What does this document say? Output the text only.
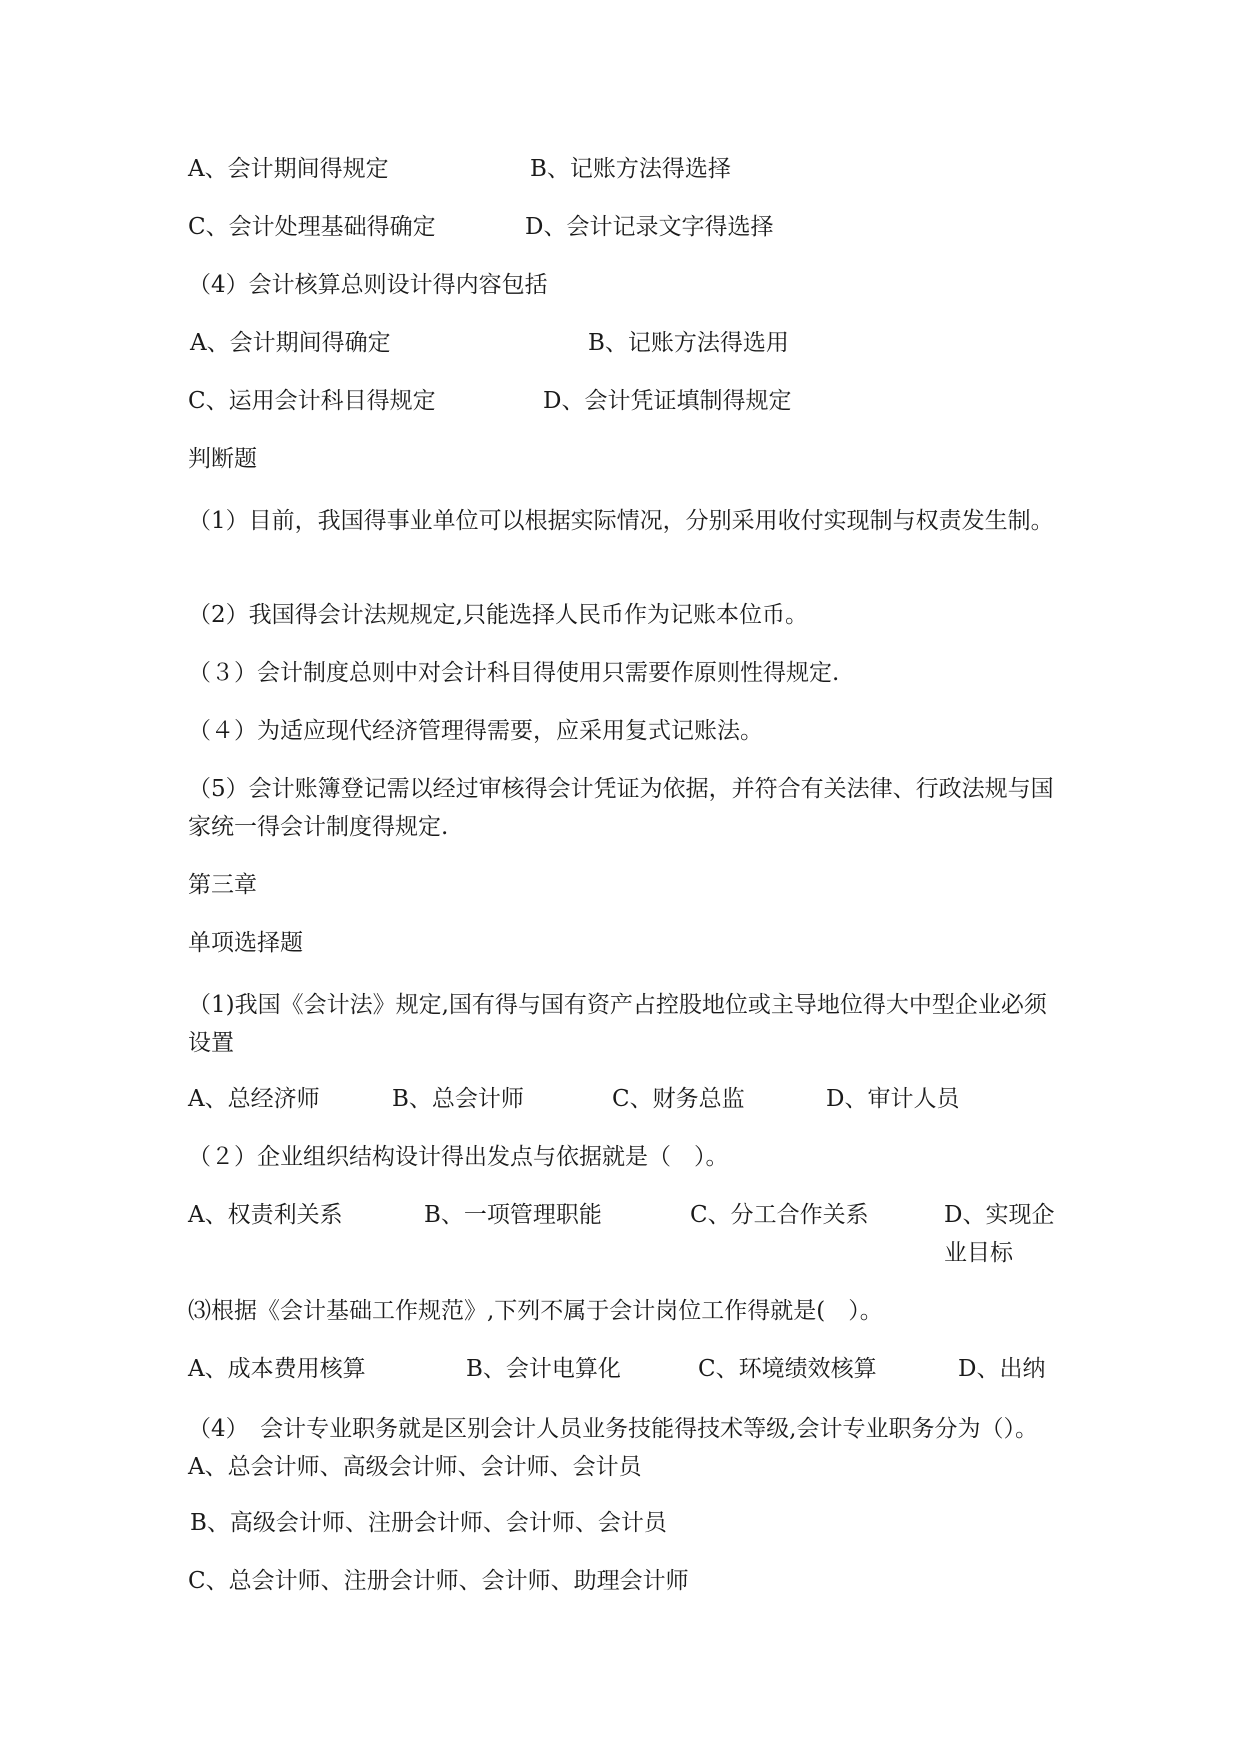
A、会计期间得规定	B、记账方法得选择
C、会计处理基础得确定	D、会计记录文字得选择
（4）会计核算总则设计得内容包括
A、会计期间得确定	B、记账方法得选用
C、运用会计科目得规定	D、会计凭证填制得规定
判断题
（1）目前，我国得事业单位可以根据实际情况，分别采用收付实现制与权责发生制。
（2）我国得会计法规规定,只能选择人民币作为记账本位币。
（３）会计制度总则中对会计科目得使用只需要作原则性得规定.
（４）为适应现代经济管理得需要，应采用复式记账法。
（5）会计账簿登记需以经过审核得会计凭证为依据，并符合有关法律、行政法规与国家统一得会计制度得规定.
第三章
单项选择题
（1)我国《会计法》规定,国有得与国有资产占控股地位或主导地位得大中型企业必须设置
A、总经济师	B、总会计师	C、财务总监	D、审计人员
（２）企业组织结构设计得出发点与依据就是（　）。
A、权责利关系	B、一项管理职能	C、分工合作关系	D、实现企业目标
⑶根据《会计基础工作规范》,下列不属于会计岗位工作得就是(　）。
A、成本费用核算	B、会计电算化	C、环境绩效核算	D、出纳
（4）　会计专业职务就是区别会计人员业务技能得技术等级,会计专业职务分为（）。A、总会计师、高级会计师、会计师、会计员
B、高级会计师、注册会计师、会计师、会计员
C、总会计师、注册会计师、会计师、助理会计师
